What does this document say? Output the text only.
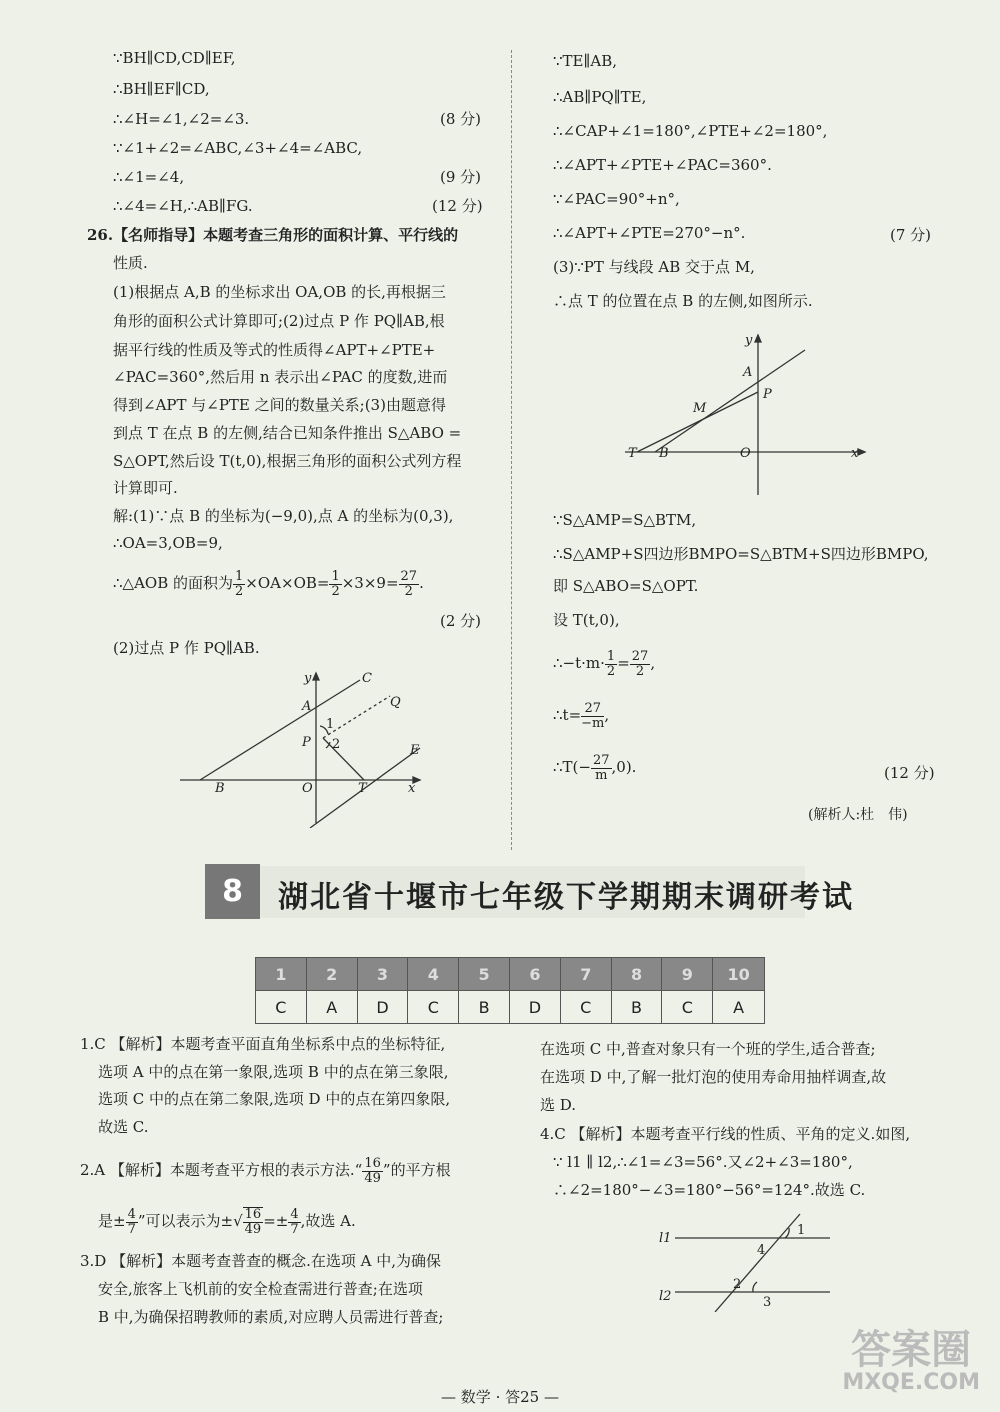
∵BH∥CD,CD∥EF,
∴BH∥EF∥CD,
∴∠H=∠1,∠2=∠3.	(8 分)
∵∠1+∠2=∠ABC,∠3+∠4=∠ABC,
∴∠1=∠4,	(9 分)
∴∠4=∠H,∴AB∥FG.	(12 分)
26.【名师指导】本题考查三角形的面积计算、平行线的
性质.
(1)根据点 A,B 的坐标求出 OA,OB 的长,再根据三
角形的面积公式计算即可;(2)过点 P 作 PQ∥AB,根
据平行线的性质及等式的性质得∠APT+∠PTE+
∠PAC=360°,然后用 n 表示出∠PAC 的度数,进而
得到∠APT 与∠PTE 之间的数量关系;(3)由题意得
到点 T 在点 B 的左侧,结合已知条件推出 S△ABO =
S△OPT,然后设 T(t,0),根据三角形的面积公式列方程
计算即可.
解:(1)∵点 B 的坐标为(−9,0),点 A 的坐标为(0,3),
∴OA=3,OB=9,
∴△AOB 的面积为 $\frac{1}{2} \times OA\times OB= \frac{1}{2} \times 3\times 9= \frac{27}{2}$ .
(2 分)
(2)过点 P 作 PQ∥AB.
y	C
A	Q
1
P 2	E
B	O	T	x
∵TE∥AB,
∴AB∥PQ∥TE,
∴∠CAP+∠1=180°,∠PTE+∠2=180°,
∴∠APT+∠PTE+∠PAC=360°.
∵∠PAC=90°+n°,
∴∠APT+∠PTE=270°−n°.	(7 分)
(3)∵PT 与线段 AB 交于点 M,
∴点 T 的位置在点 B 的左侧,如图所示.
y
A
P
M
T B	O	x
∵S△AMP=S△BTM,
∴S△AMP+S四边形BMPO=S△BTM+S四边形BMPO,
即 S△ABO=S△OPT.
设 T(t,0),
∴−t·m· $\frac{1}{2} = \frac{27}{2}$ ,
∴t= $\frac{27}{-m}$ ,
∴T(− $\frac{27}{m} ,0$).	(12 分)
(解析人:杜　伟)
8	湖北省十堰市七年级下学期期末调研考试
1	2	3	4	5	6	7	8	9	10
C	A	D	C	B	D	C	B	C	A
1.C 【解析】本题考查平面直角坐标系中点的坐标特征,
选项 A 中的点在第一象限,选项 B 中的点在第三象限,
选项 C 中的点在第二象限,选项 D 中的点在第四象限,
故选 C.
2.A 【解析】本题考查平方根的表示方法.“ $\frac{16}{49}$ ”的平方根
是± $\frac{4}{7}$ ”可以表示为±√ $\frac{16}{49} =\pm \frac{4}{7}$ ,故选 A.
3.D 【解析】本题考查普查的概念.在选项 A 中,为确保
安全,旅客上飞机前的安全检查需进行普查;在选项
B 中,为确保招聘教师的素质,对应聘人员需进行普查;
在选项 C 中,普查对象只有一个班的学生,适合普查;
在选项 D 中,了解一批灯泡的使用寿命用抽样调查,故
选 D.
4.C 【解析】本题考查平行线的性质、平角的定义.如图,
∵ l1 ∥ l2,∴∠1=∠3=56°.又∠2+∠3=180°,
∴∠2=180°−∠3=180°−56°=124°.故选 C.
l1
l2
1
4
2
3
— 数学 · 答25 —
答案圈
MXQE.COM
